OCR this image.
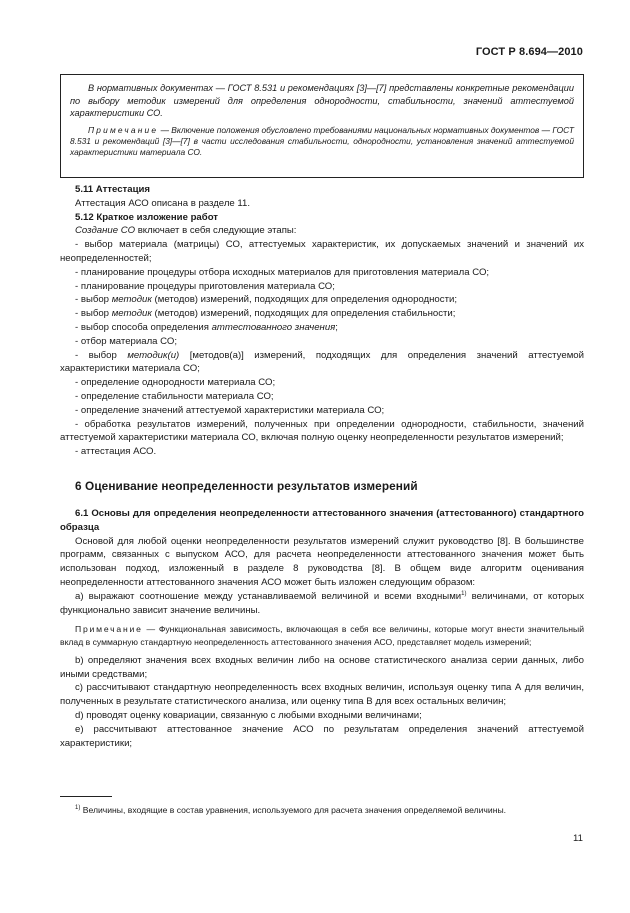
ГОСТ Р 8.694—2010

В нормативных документах — ГОСТ 8.531 и рекомендациях [3]—[7] представлены конкретные рекомендации по выбору методик измерений для определения однородности, стабильности, значений аттестуемой характеристики СО.

Примечание — Включение положения обусловлено требованиями национальных нормативных документов — ГОСТ 8.531 и рекомендаций [3]—[7] в части исследования стабильности, однородности, установления значений аттестуемой характеристики материала СО.

5.11 Аттестация
Аттестация АСО описана в разделе 11.
5.12 Краткое изложение работ
Создание СО включает в себя следующие этапы:
- выбор материала (матрицы) СО, аттестуемых характеристик, их допускаемых значений и значений их неопределенностей;
- планирование процедуры отбора исходных материалов для приготовления материала СО;
- планирование процедуры приготовления материала СО;
- выбор методик (методов) измерений, подходящих для определения однородности;
- выбор методик (методов) измерений, подходящих для определения стабильности;
- выбор способа определения аттестованного значения;
- отбор материала СО;
- выбор методик(и) [методов(а)] измерений, подходящих для определения значений аттестуемой характеристики материала СО;
- определение однородности материала СО;
- определение стабильности материала СО;
- определение значений аттестуемой характеристики материала СО;
- обработка результатов измерений, полученных при определении однородности, стабильности, значений аттестуемой характеристики материала СО, включая полную оценку неопределенности результатов измерений;
- аттестация АСО.
6 Оценивание неопределенности результатов измерений
6.1 Основы для определения неопределенности аттестованного значения (аттестованного) стандартного образца
Основой для любой оценки неопределенности результатов измерений служит руководство [8]. В большинстве программ, связанных с выпуском АСО, для расчета неопределенности аттестованного значения может быть использован подход, изложенный в разделе 8 руководства [8]. В общем виде алгоритм оценивания неопределенности аттестованного значения АСО может быть изложен следующим образом:
а) выражают соотношение между устанавливаемой величиной и всеми входными$^{1)}$ величинами, от которых функционально зависит значение величины.
Примечание — Функциональная зависимость, включающая в себя все величины, которые могут внести значительный вклад в суммарную стандартную неопределенность аттестованного значения АСО, представляет модель измерений;
b) определяют значения всех входных величин либо на основе статистического анализа серии данных, либо иными средствами;
с) рассчитывают стандартную неопределенность всех входных величин, используя оценку типа А для величин, полученных в результате статистического анализа, или оценку типа В для всех остальных величин;
d) проводят оценку ковариации, связанную с любыми входными величинами;
е) рассчитывают аттестованное значение АСО по результатам определения значений аттестуемой характеристики;
$^{1)}$ Величины, входящие в состав уравнения, используемого для расчета значения определяемой величины.
11
